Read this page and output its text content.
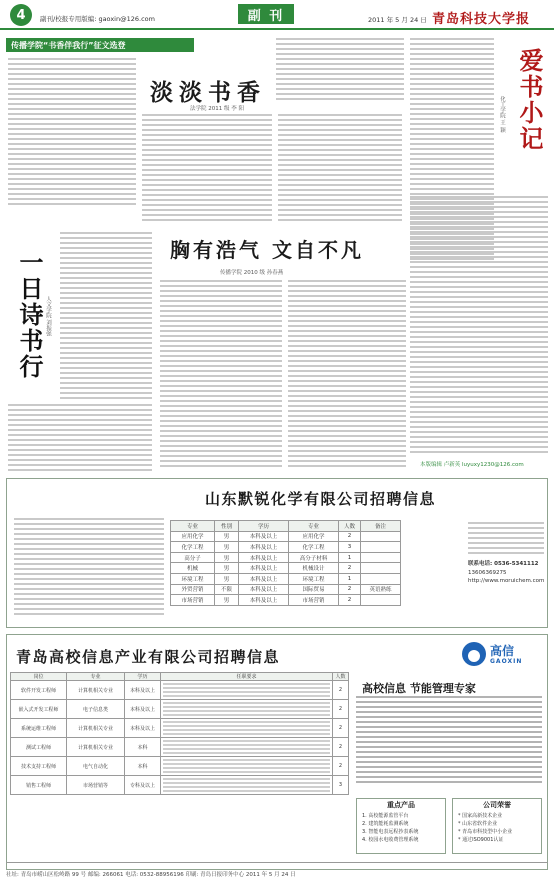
4	副刊/校报专用版编: gaoxin@126.com	副 刊	2011 年 5 月 24 日 青岛科技大学报
传播学院“书香伴我行”征文选登
淡淡书香
法学院 2011 级 李 阳	爱书小记
化工学院 王 颖
一日诗书行 人文学院 刘振强
胸有浩气 文自不凡
传播学院 2010 级 孙春燕
本版编辑 卢新英 luyuxy1230@126.com
山东默锐化学有限公司招聘信息
专业	性别	学历	专业	人数	备注
应用化学	男	本科及以上	应用化学	2	
化学工程	男	本科及以上	化学工程	3	
高分子	男	本科及以上	高分子材料	1	
机械	男	本科及以上	机械设计	2	
环境工程	男	本科及以上	环境工程	1	
外贸营销	不限	本科及以上	国际贸易	2	英语熟练
市场营销	男	本科及以上	市场营销	2	
联系电话: 0536-5341112
13606369275
http://www.moruichem.com
青岛高校信息产业有限公司招聘信息	高信
GAOXIN
高校信息 节能管理专家
岗位	专业	学历	任职要求	人数
软件开发工程师	计算机相关专业	本科及以上		2
嵌入式开发工程师	电子信息类	本科及以上		2
系统运维工程师	计算机相关专业	本科及以上		2
测试工程师	计算机相关专业	本科		2
技术支持工程师	电气自动化	本科		2
销售工程师	市场营销等	专科及以上		3
重点产品
1. 高校能源监管平台
2. 建筑能耗监测系统
3. 智能电表远程抄表系统
4. 校园水电收费管理系统
公司荣誉
* 国家高新技术企业
* 山东省软件企业
* 青岛市科技型中小企业
* 通过ISO9001认证
社址: 青岛市崂山区松岭路 99 号 邮编: 266061 电话: 0532-88956196 印刷: 青岛日报印务中心 2011 年 5 月 24 日
